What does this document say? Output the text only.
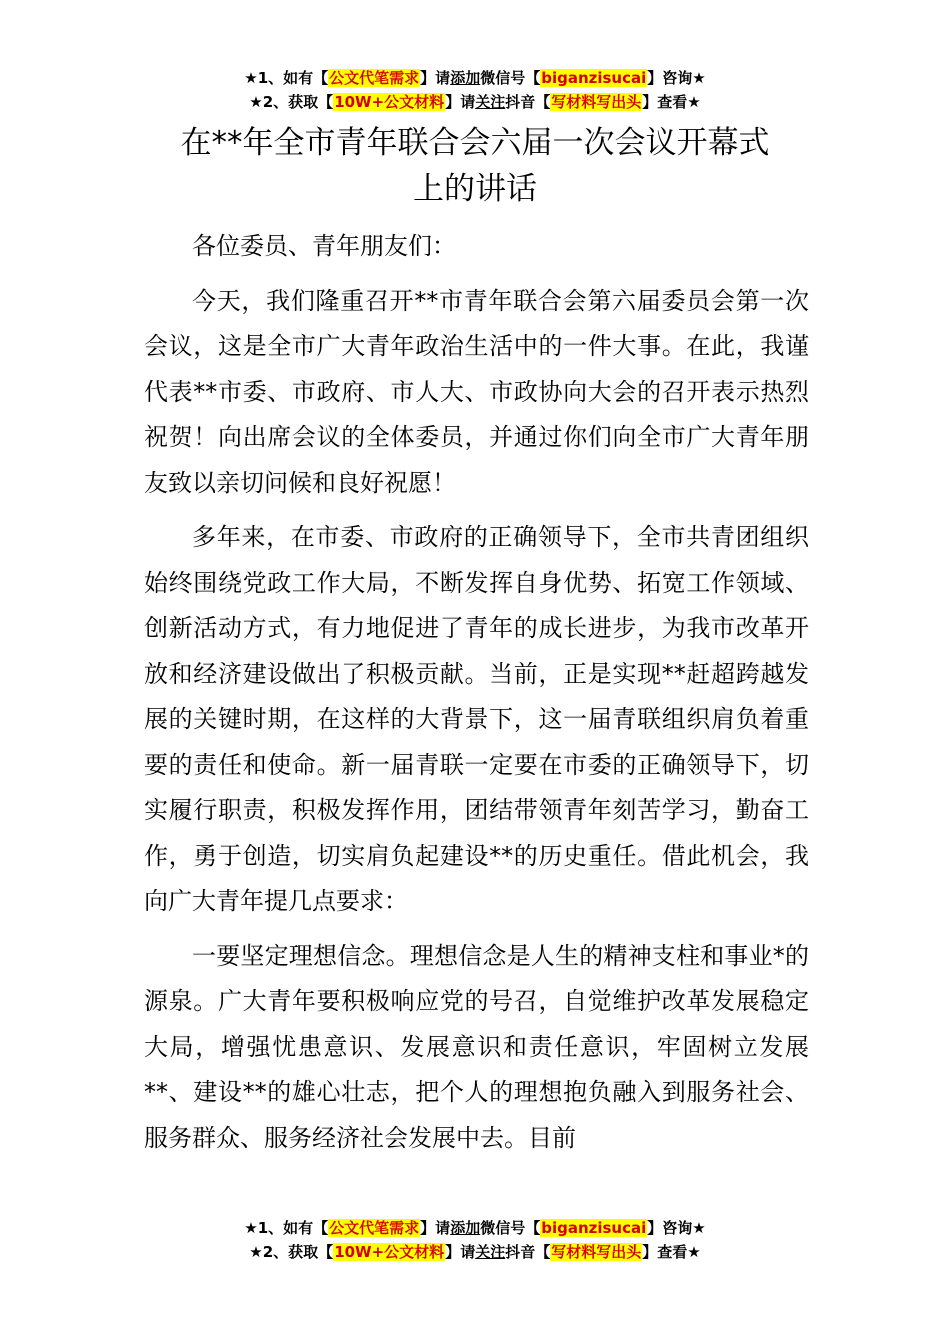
★1、如有【公文代笔需求】请添加微信号【biganzisucai】咨询★
★2、获取【10W+公文材料】请关注抖音【写材料写出头】查看★
在**年全市青年联合会六届一次会议开幕式
上的讲话

各位委员、青年朋友们：

今天，我们隆重召开**市青年联合会第六届委员会第一次会议，这是全市广大青年政治生活中的一件大事。在此，我谨代表**市委、市政府、市人大、市政协向大会的召开表示热烈祝贺！向出席会议的全体委员，并通过你们向全市广大青年朋友致以亲切问候和良好祝愿！

多年来，在市委、市政府的正确领导下，全市共青团组织始终围绕党政工作大局，不断发挥自身优势、拓宽工作领域、创新活动方式，有力地促进了青年的成长进步，为我市改革开放和经济建设做出了积极贡献。当前，正是实现**赶超跨越发展的关键时期，在这样的大背景下，这一届青联组织肩负着重要的责任和使命。新一届青联一定要在市委的正确领导下，切实履行职责，积极发挥作用，团结带领青年刻苦学习，勤奋工作，勇于创造，切实肩负起建设**的历史重任。借此机会，我向广大青年提几点要求：

一要坚定理想信念。理想信念是人生的精神支柱和事业*的源泉。广大青年要积极响应党的号召，自觉维护改革发展稳定大局，增强忧患意识、发展意识和责任意识，牢固树立发展**、建设**的雄心壮志，把个人的理想抱负融入到服务社会、服务群众、服务经济社会发展中去。目前

★1、如有【公文代笔需求】请添加微信号【biganzisucai】咨询★
★2、获取【10W+公文材料】请关注抖音【写材料写出头】查看★
